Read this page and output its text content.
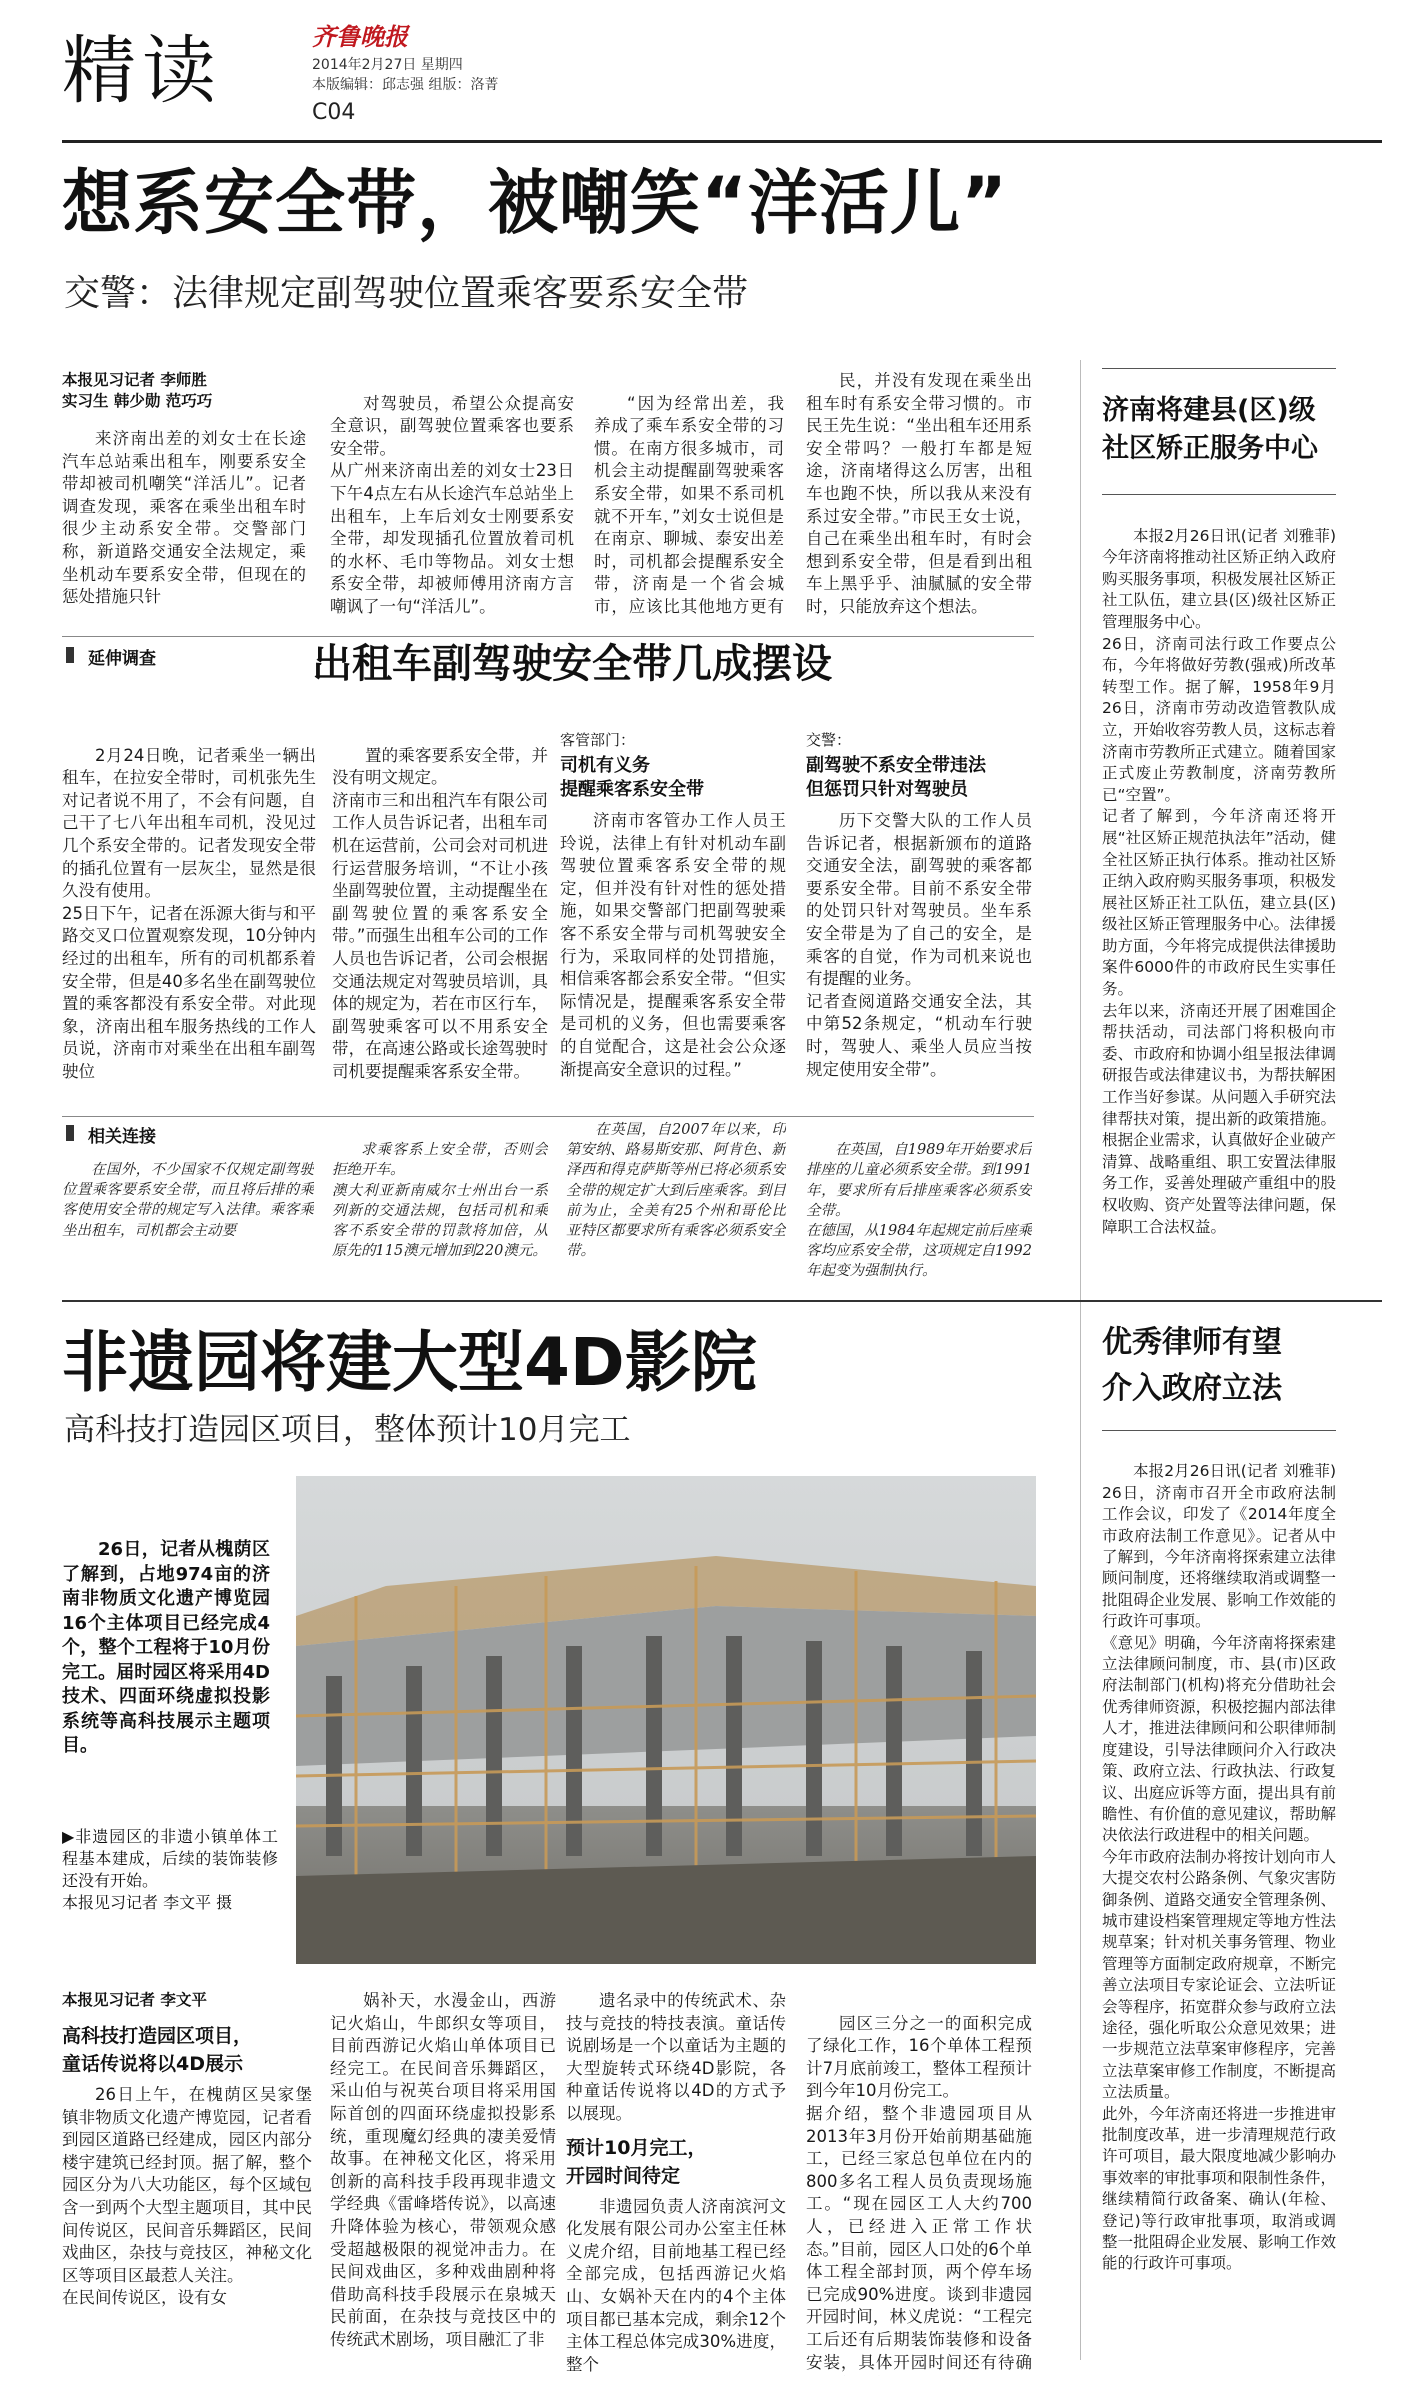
精读	齐鲁晚报
2014年2月27日 星期四
本版编辑：邱志强 组版：洛菁
C04
想系安全带，被嘲笑“洋活儿”
交警：法律规定副驾驶位置乘客要系安全带
本报见习记者 李师胜
实习生 韩少勋 范巧巧

来济南出差的刘女士在长途汽车总站乘出租车，刚要系安全带却被司机嘲笑“洋活儿”。记者调查发现，乘客在乘坐出租车时很少主动系安全带。交警部门称，新道路交通安全法规定，乘坐机动车要系安全带，但现在的惩处措施只针

对驾驶员，希望公众提高安全意识，副驾驶位置乘客也要系安全带。
从广州来济南出差的刘女士23日下午4点左右从长途汽车总站坐上出租车，上车后刘女士刚要系安全带，却发现插孔位置放着司机的水杯、毛巾等物品。刘女士想系安全带，却被师傅用济南方言嘲讽了一句“洋活儿”。

“因为经常出差，我养成了乘车系安全带的习惯。在南方很多城市，司机会主动提醒副驾驶乘客系安全带，如果不系司机就不开车，”刘女士说但是在南京、聊城、泰安出差时，司机都会提醒系安全带，济南是一个省会城市，应该比其他地方更有

民，并没有发现在乘坐出租车时有系安全带习惯的。市民王先生说：“坐出租车还用系安全带吗？一般打车都是短途，济南堵得这么厉害，出租车也跑不快，所以我从来没有系过安全带。”市民王女士说，自己在乘坐出租车时，有时会想到系安全带，但是看到出租车上黑乎乎、油腻腻的安全带时，只能放弃这个想法。

延伸调查	出租车副驾驶安全带几成摆设

2月24日晚，记者乘坐一辆出租车，在拉安全带时，司机张先生对记者说不用了，不会有问题，自己干了七八年出租车司机，没见过几个系安全带的。记者发现安全带的插孔位置有一层灰尘，显然是很久没有使用。
25日下午，记者在泺源大街与和平路交叉口位置观察发现，10分钟内经过的出租车，所有的司机都系着安全带，但是40多名坐在副驾驶位置的乘客都没有系安全带。对此现象，济南出租车服务热线的工作人员说，济南市对乘坐在出租车副驾驶位

置的乘客要系安全带，并没有明文规定。
济南市三和出租汽车有限公司工作人员告诉记者，出租车司机在运营前，公司会对司机进行运营服务培训，“不让小孩坐副驾驶位置，主动提醒坐在副驾驶位置的乘客系安全带。”而强生出租车公司的工作人员也告诉记者，公司会根据交通法规定对驾驶员培训，具体的规定为，若在市区行车，副驾驶乘客可以不用系安全带，在高速公路或长途驾驶时司机要提醒乘客系安全带。

客管部门：
司机有义务
提醒乘客系安全带

济南市客管办工作人员王玲说，法律上有针对机动车副驾驶位置乘客系安全带的规定，但并没有针对性的惩处措施，如果交警部门把副驾驶乘客不系安全带与司机驾驶安全行为，采取同样的处罚措施，相信乘客都会系安全带。“但实际情况是，提醒乘客系安全带是司机的义务，但也需要乘客的自觉配合，这是社会公众逐渐提高安全意识的过程。”

交警：
副驾驶不系安全带违法
但惩罚只针对驾驶员

历下交警大队的工作人员告诉记者，根据新颁布的道路交通安全法，副驾驶的乘客都要系安全带。目前不系安全带的处罚只针对驾驶员。坐车系安全带是为了自己的安全，是乘客的自觉，作为司机来说也有提醒的业务。
记者查阅道路交通安全法，其中第52条规定，“机动车行驶时，驾驶人、乘坐人员应当按规定使用安全带”。

相关连接

在国外，不少国家不仅规定副驾驶位置乘客要系安全带，而且将后排的乘客使用安全带的规定写入法律。乘客乘坐出租车，司机都会主动要

求乘客系上安全带，否则会拒绝开车。
澳大利亚新南威尔士州出台一系列新的交通法规，包括司机和乘客不系安全带的罚款将加倍，从原先的115澳元增加到220澳元。

在英国，自2007年以来，印第安纳、路易斯安那、阿肯色、新泽西和得克萨斯等州已将必须系安全带的规定扩大到后座乘客。到目前为止，全美有25个州和哥伦比亚特区都要求所有乘客必须系安全带。

在英国，自1989年开始要求后排座的儿童必须系安全带。到1991年，要求所有后排座乘客必须系安全带。
在德国，从1984年起规定前后座乘客均应系安全带，这项规定自1992年起变为强制执行。

济南将建县(区)级
社区矫正服务中心

本报2月26日讯(记者 刘雅菲) 今年济南将推动社区矫正纳入政府购买服务事项，积极发展社区矫正社工队伍，建立县(区)级社区矫正管理服务中心。
26日，济南司法行政工作要点公布，今年将做好劳教(强戒)所改革转型工作。据了解，1958年9月26日，济南市劳动改造管教队成立，开始收容劳教人员，这标志着济南市劳教所正式建立。随着国家正式废止劳教制度，济南劳教所已“空置”。
记者了解到，今年济南还将开展“社区矫正规范执法年”活动，健全社区矫正执行体系。推动社区矫正纳入政府购买服务事项，积极发展社区矫正社工队伍，建立县(区)级社区矫正管理服务中心。法律援助方面，今年将完成提供法律援助案件6000件的市政府民生实事任务。
去年以来，济南还开展了困难国企帮扶活动，司法部门将积极向市委、市政府和协调小组呈报法律调研报告或法律建议书，为帮扶解困工作当好参谋。从问题入手研究法律帮扶对策，提出新的政策措施。根据企业需求，认真做好企业破产清算、战略重组、职工安置法律服务工作，妥善处理破产重组中的股权收购、资产处置等法律问题，保障职工合法权益。

非遗园将建大型4D影院
高科技打造园区项目，整体预计10月完工

26日，记者从槐荫区了解到，占地974亩的济南非物质文化遗产博览园16个主体项目已经完成4个，整个工程将于10月份完工。届时园区将采用4D技术、四面环绕虚拟投影系统等高科技展示主题项目。

▶非遗园区的非遗小镇单体工程基本建成，后续的装饰装修还没有开始。
本报见习记者 李文平 摄
本报见习记者 李文平
高科技打造园区项目，
童话传说将以4D展示

26日上午，在槐荫区吴家堡镇非物质文化遗产博览园，记者看到园区道路已经建成，园区内部分楼宇建筑已经封顶。据了解，整个园区分为八大功能区，每个区域包含一到两个大型主题项目，其中民间传说区，民间音乐舞蹈区，民间戏曲区，杂技与竞技区，神秘文化区等项目区最惹人关注。
在民间传说区，设有女

娲补天，水漫金山，西游记火焰山，牛郎织女等项目，目前西游记火焰山单体项目已经完工。在民间音乐舞蹈区，采山伯与祝英台项目将采用国际首创的四面环绕虚拟投影系统，重现魔幻经典的凄美爱情故事。在神秘文化区，将采用创新的高科技手段再现非遗文学经典《雷峰塔传说》，以高速升降体验为核心，带领观众感受超越极限的视觉冲击力。在民间戏曲区，多种戏曲剧种将借助高科技手段展示在泉城天民前面，在杂技与竞技区中的传统武术剧场，项目融汇了非

遗名录中的传统武术、杂技与竞技的特技表演。童话传说剧场是一个以童话为主题的大型旋转式环绕4D影院，各种童话传说将以4D的方式予以展现。

预计10月完工，
开园时间待定

非遗园负责人济南滨河文化发展有限公司办公室主任林义虎介绍，目前地基工程已经全部完成，包括西游记火焰山、女娲补天在内的4个主体项目都已基本完成，剩余12个主体工程总体完成30%进度，整个

园区三分之一的面积完成了绿化工作，16个单体工程预计7月底前竣工，整体工程预计到今年10月份完工。
据介绍，整个非遗园项目从2013年3月份开始前期基础施工，已经三家总包单位在内的800多名工程人员负责现场施工。“现在园区工人大约700人，已经进入正常工作状态。”目前，园区人口处的6个单体工程全部封顶，两个停车场已完成90%进度。谈到非遗园开园时间，林义虎说：“工程完工后还有后期装饰装修和设备安装，具体开园时间还有待确

优秀律师有望
介入政府立法

本报2月26日讯(记者 刘雅菲) 26日，济南市召开全市政府法制工作会议，印发了《2014年度全市政府法制工作意见》。记者从中了解到，今年济南将探索建立法律顾问制度，还将继续取消或调整一批阻碍企业发展、影响工作效能的行政许可事项。
《意见》明确，今年济南将探索建立法律顾问制度，市、县(市)区政府法制部门(机构)将充分借助社会优秀律师资源，积极挖掘内部法律人才，推进法律顾问和公职律师制度建设，引导法律顾问介入行政决策、政府立法、行政执法、行政复议、出庭应诉等方面，提出具有前瞻性、有价值的意见建议，帮助解决依法行政进程中的相关问题。
今年市政府法制办将按计划向市人大提交农村公路条例、气象灾害防御条例、道路交通安全管理条例、城市建设档案管理规定等地方性法规草案；针对机关事务管理、物业管理等方面制定政府规章，不断完善立法项目专家论证会、立法听证会等程序，拓宽群众参与政府立法途径，强化听取公众意见效果；进一步规范立法草案审修程序，完善立法草案审修工作制度，不断提高立法质量。
此外，今年济南还将进一步推进审批制度改革，进一步清理规范行政许可项目，最大限度地减少影响办事效率的审批事项和限制性条件，继续精简行政备案、确认(年检、登记)等行政审批事项，取消或调整一批阻碍企业发展、影响工作效能的行政许可事项。
